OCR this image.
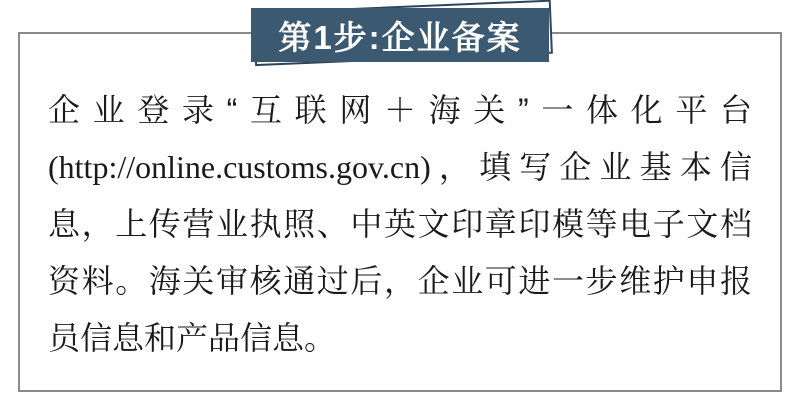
企业登录“互联网＋海关”一体化平台

(http://online.customs.gov.cn)，填写企业基本信

息，上传营业执照、中英文印章印模等电子文档

资料。海关审核通过后，企业可进一步维护申报

员信息和产品信息。

第1步:企业备案
